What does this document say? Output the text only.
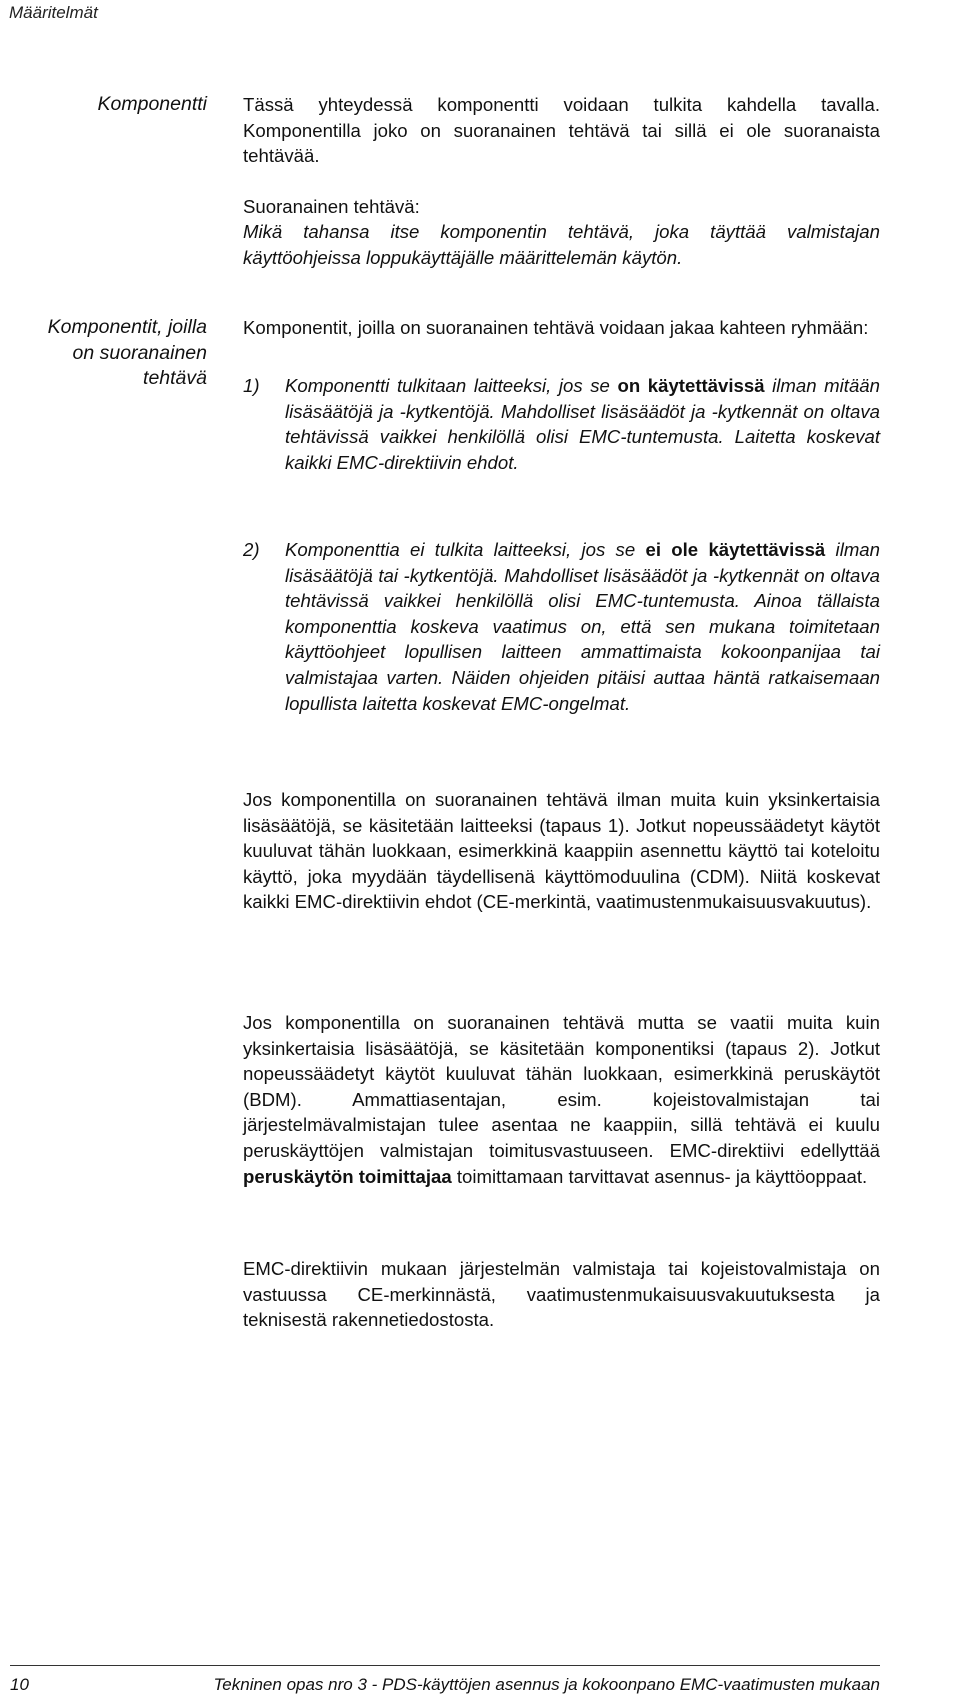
Määritelmät
Komponentti Tässä yhteydessä komponentti voidaan tulkita kahdella tavalla. Komponentilla joko on suoranainen tehtävä tai sillä ei ole suoranaista tehtävää.

Suoranainen tehtävä:

Mikä tahansa itse komponentin tehtävä, joka täyttää valmistajan käyttöohjeissa loppukäyttäjälle määrittelemän käytön.

Komponentit, joilla
on suoranainen
tehtävä
Komponentit, joilla on suoranainen tehtävä voidaan jakaa kahteen ryhmään:
1) Komponentti tulkitaan laitteeksi, jos se on käytettävissä ilman mitään lisäsäätöjä ja -kytkentöjä. Mahdolliset lisäsäädöt ja -kytkennät on oltava tehtävissä vaikkei henkilöllä olisi EMC-tuntemusta. Laitetta koskevat kaikki EMC-direktiivin ehdot.
2) Komponenttia ei tulkita laitteeksi, jos se ei ole käytettävissä ilman lisäsäätöjä tai -kytkentöjä. Mahdolliset lisäsäädöt ja -kytkennät on oltava tehtävissä vaikkei henkilöllä olisi EMC-tuntemusta. Ainoa tällaista komponenttia koskeva vaatimus on, että sen mukana toimitetaan käyttöohjeet lopullisen laitteen ammattimaista kokoonpanijaa tai valmistajaa varten. Näiden ohjeiden pitäisi auttaa häntä ratkaisemaan lopullista laitetta koskevat EMC-ongelmat.
Jos komponentilla on suoranainen tehtävä ilman muita kuin yksinkertaisia lisäsäätöjä, se käsitetään laitteeksi (tapaus 1). Jotkut nopeussäädetyt käytöt kuuluvat tähän luokkaan, esimerkkinä kaappiin asennettu käyttö tai koteloitu käyttö, joka myydään täydellisenä käyttömoduulina (CDM). Niitä koskevat kaikki EMC-direktiivin ehdot (CE-merkintä, vaatimustenmukaisuusvakuutus).
Jos komponentilla on suoranainen tehtävä mutta se vaatii muita kuin yksinkertaisia lisäsäätöjä, se käsitetään komponentiksi (tapaus 2). Jotkut nopeussäädetyt käytöt kuuluvat tähän luokkaan, esimerkkinä peruskäytöt (BDM). Ammattiasentajan, esim. kojeistovalmistajan tai järjestelmävalmistajan tulee asentaa ne kaappiin, sillä tehtävä ei kuulu peruskäyttöjen valmistajan toimitusvastuuseen. EMC-direktiivi edellyttää peruskäytön toimittajaa toimittamaan tarvittavat asennus- ja käyttöoppaat.
EMC-direktiivin mukaan järjestelmän valmistaja tai kojeistovalmistaja on vastuussa CE-merkinnästä, vaatimustenmukaisuusvakuutuksesta ja teknisestä rakennetiedostosta.
10	Tekninen opas nro 3 - PDS-käyttöjen asennus ja kokoonpano EMC-vaatimusten mukaan
